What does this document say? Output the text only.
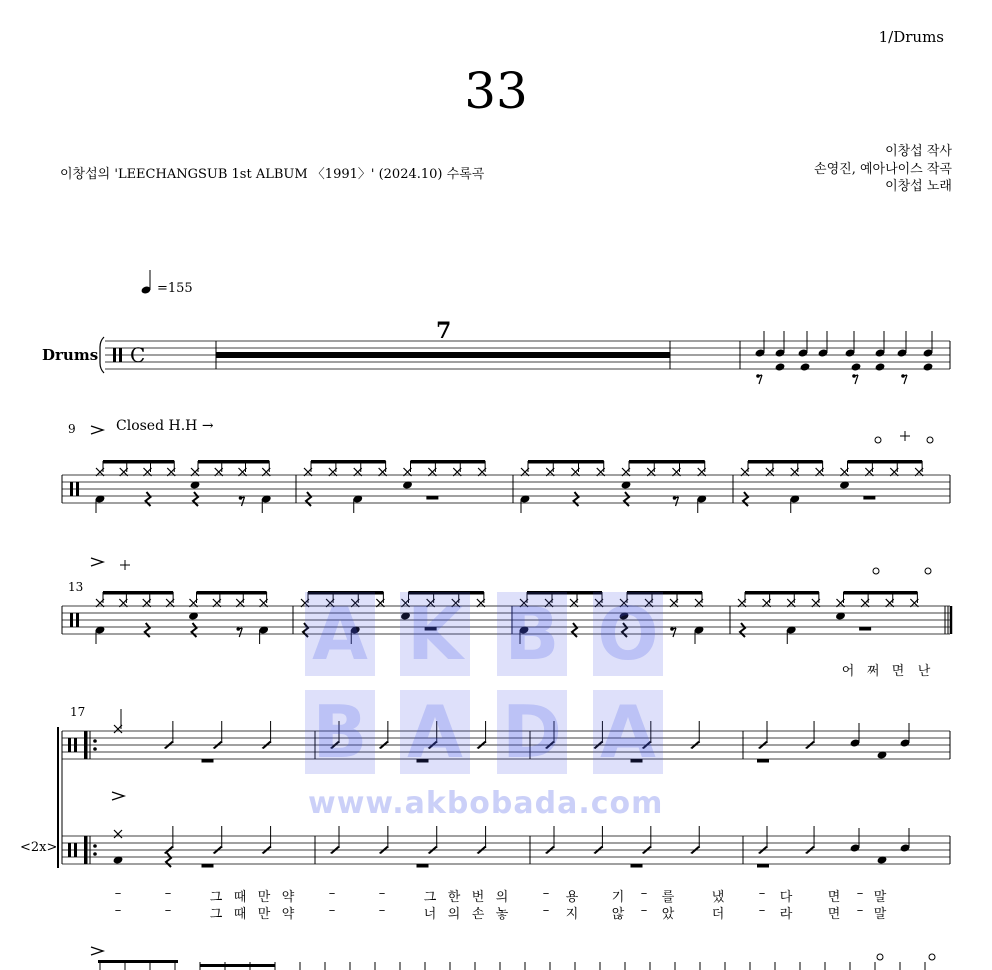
1/Drums
33
이창섭의 'LEECHANGSUB 1st ALBUM 〈1991〉' (2024.10) 수록곡
이창섭 작사
손영진, 예아나이스 작곡
이창섭 노래
C
=155
Drums
7
Closed H.H →
9
13
17
<2x>
어 쩌 면 난
–	–	그 때 만 약	–	–	그 한 번 의	– 용	기 – 를	냈	– 다	면 – 말
–	–	그 때 만 약	–	–	너 의 손 놓	– 지	않 – 았	더	– 라	면 – 말
A K B O
B A D A
www.akbobada.com
